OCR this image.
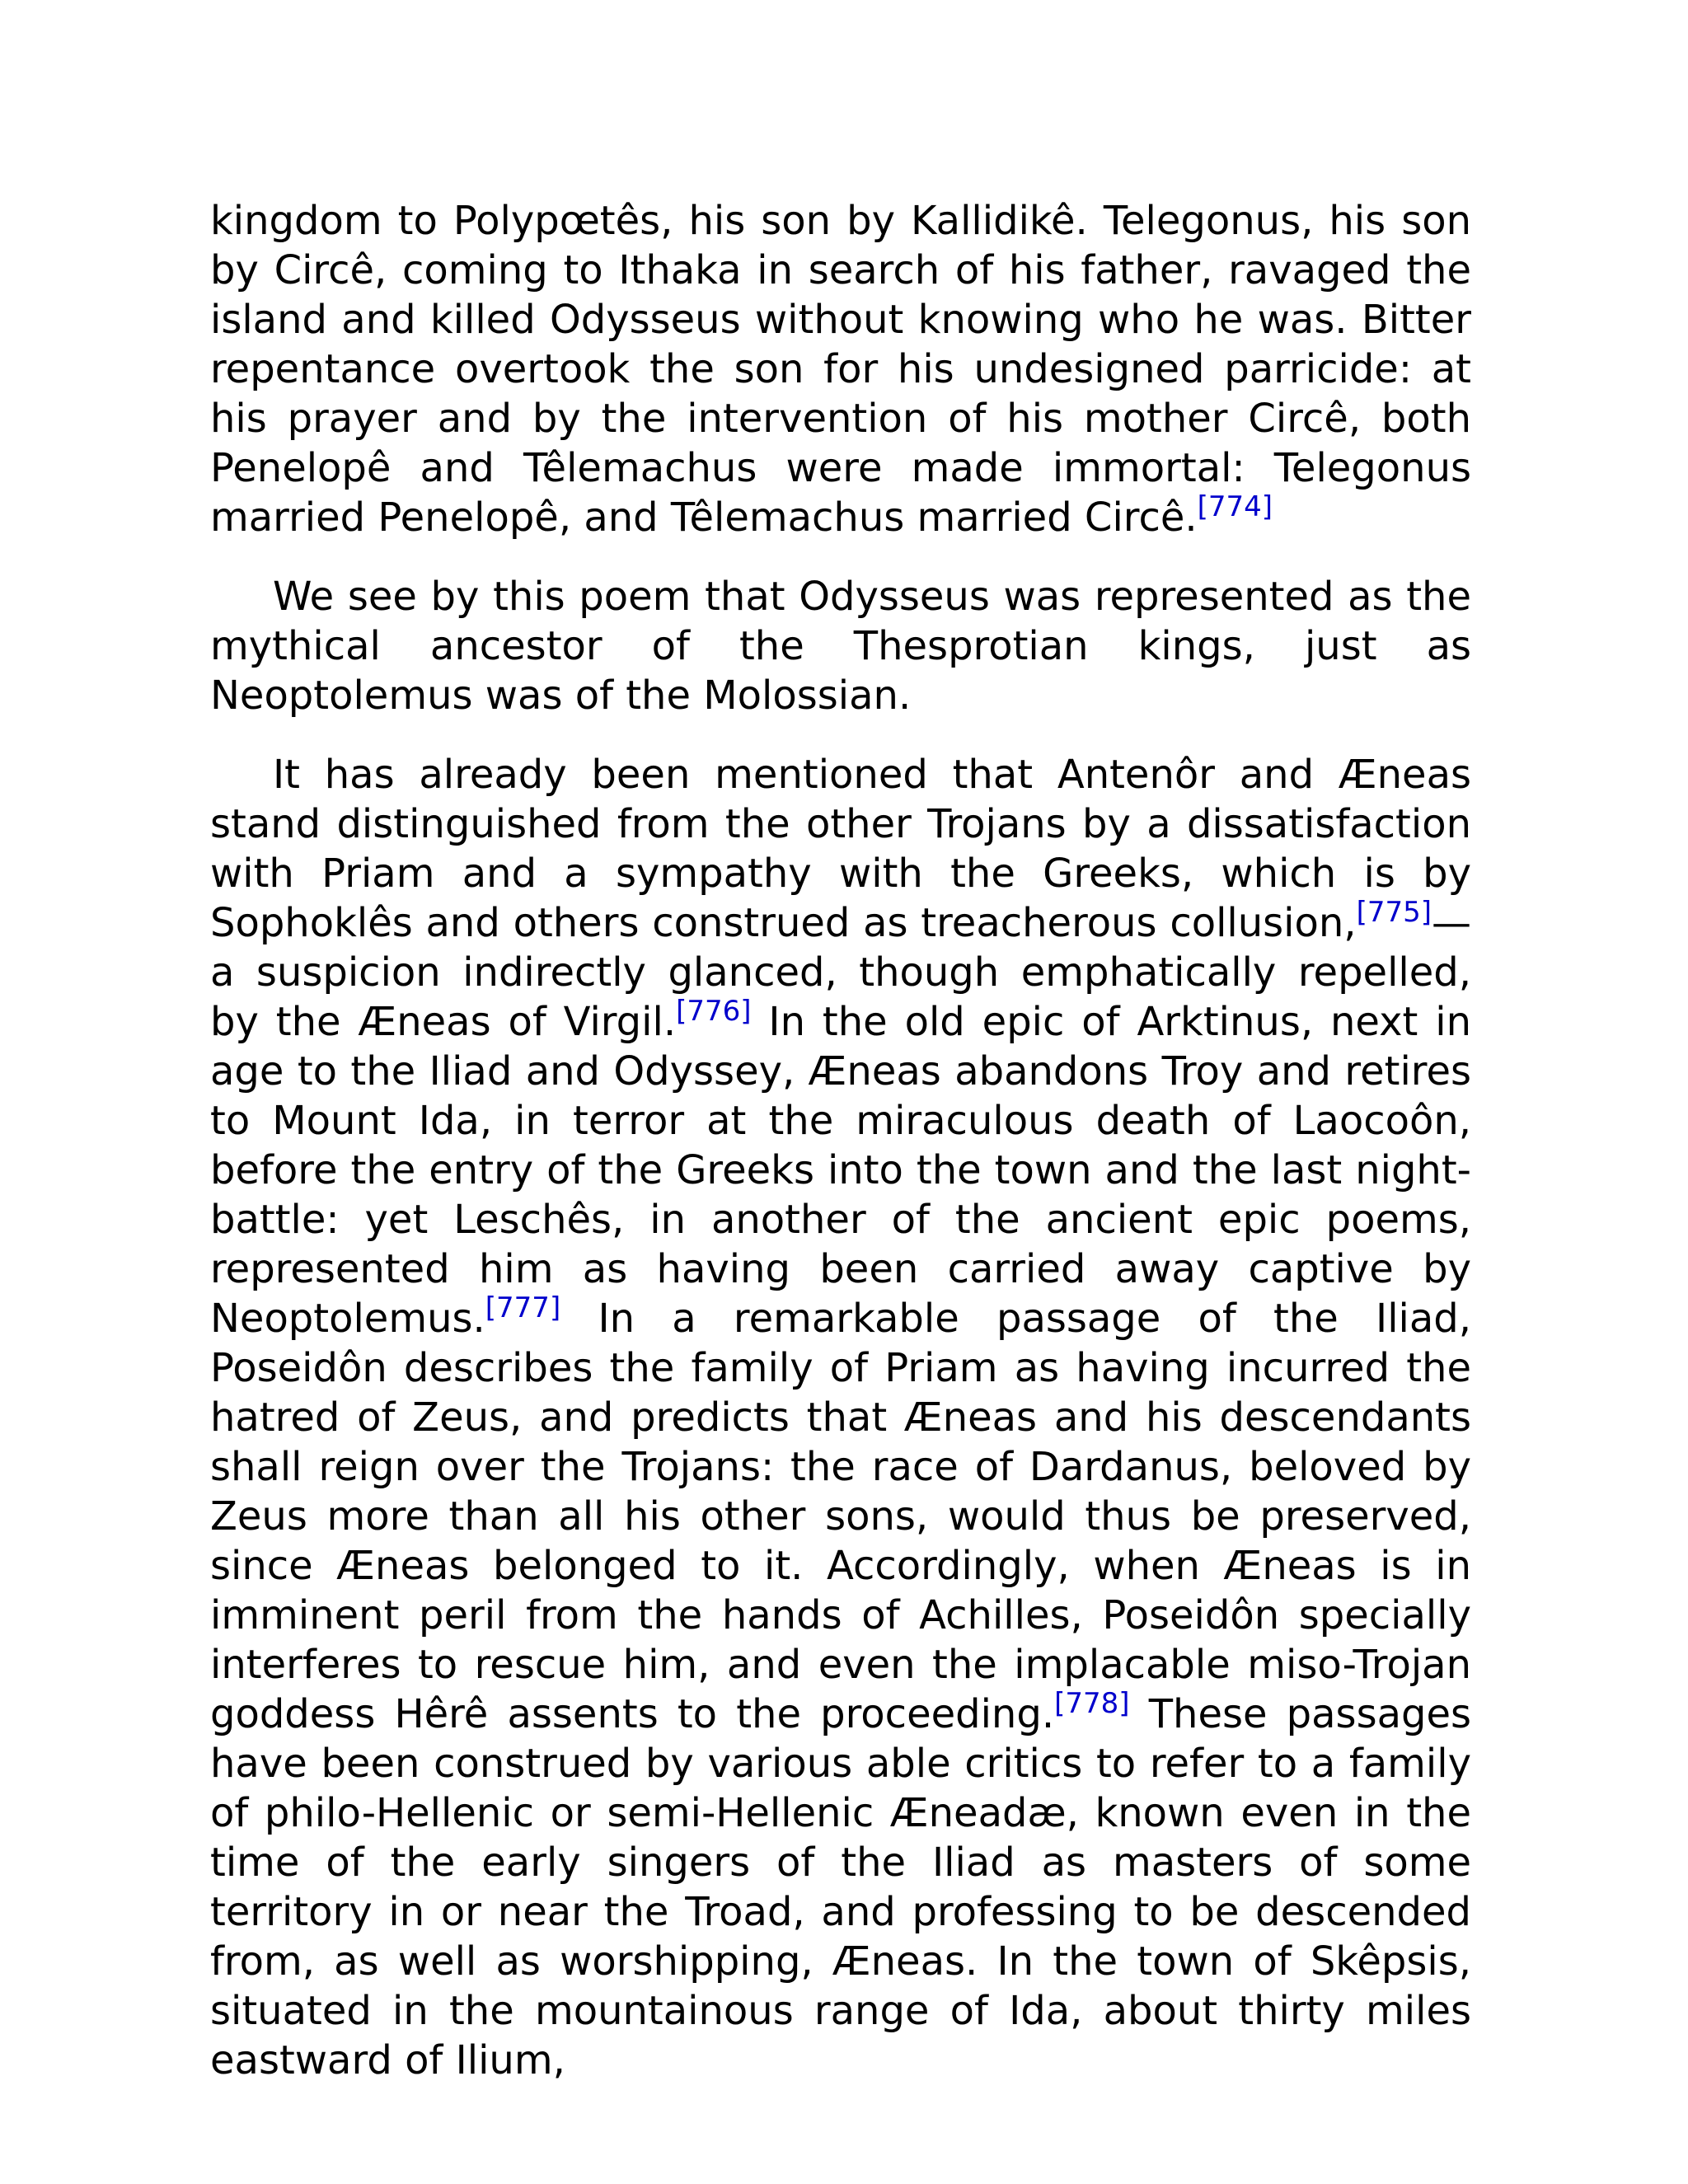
kingdom to Polypœtês, his son by Kallidikê. Telegonus, his son by Circê, coming to Ithaka in search of his father, ravaged the island and killed Odysseus without knowing who he was. Bitter repentance overtook the son for his undesigned parricide: at his prayer and by the intervention of his mother Circê, both Penelopê and Têlemachus were made immortal: Telegonus married Penelopê, and Têlemachus married Circê.[774]

We see by this poem that Odysseus was represented as the mythical ancestor of the Thesprotian kings, just as Neoptolemus was of the Molossian.

It has already been mentioned that Antenôr and Æneas stand distinguished from the other Trojans by a dissatisfaction with Priam and a sympathy with the Greeks, which is by Sophoklês and others construed as treacherous collusion,[775]—a suspicion indirectly glanced, though emphatically repelled, by the Æneas of Virgil.[776] In the old epic of Arktinus, next in age to the Iliad and Odyssey, Æneas abandons Troy and retires to Mount Ida, in terror at the miraculous death of Laocoôn, before the entry of the Greeks into the town and the last night-battle: yet Leschês, in another of the ancient epic poems, represented him as having been carried away captive by Neoptolemus.[777] In a remarkable passage of the Iliad, Poseidôn describes the family of Priam as having incurred the hatred of Zeus, and predicts that Æneas and his descendants shall reign over the Trojans: the race of Dardanus, beloved by Zeus more than all his other sons, would thus be preserved, since Æneas belonged to it. Accordingly, when Æneas is in imminent peril from the hands of Achilles, Poseidôn specially interferes to rescue him, and even the implacable miso-Trojan goddess Hêrê assents to the proceeding.[778] These passages have been construed by various able critics to refer to a family of philo-Hellenic or semi-Hellenic Æneadæ, known even in the time of the early singers of the Iliad as masters of some territory in or near the Troad, and professing to be descended from, as well as worshipping, Æneas. In the town of Skêpsis, situated in the mountainous range of Ida, about thirty miles eastward of Ilium,
